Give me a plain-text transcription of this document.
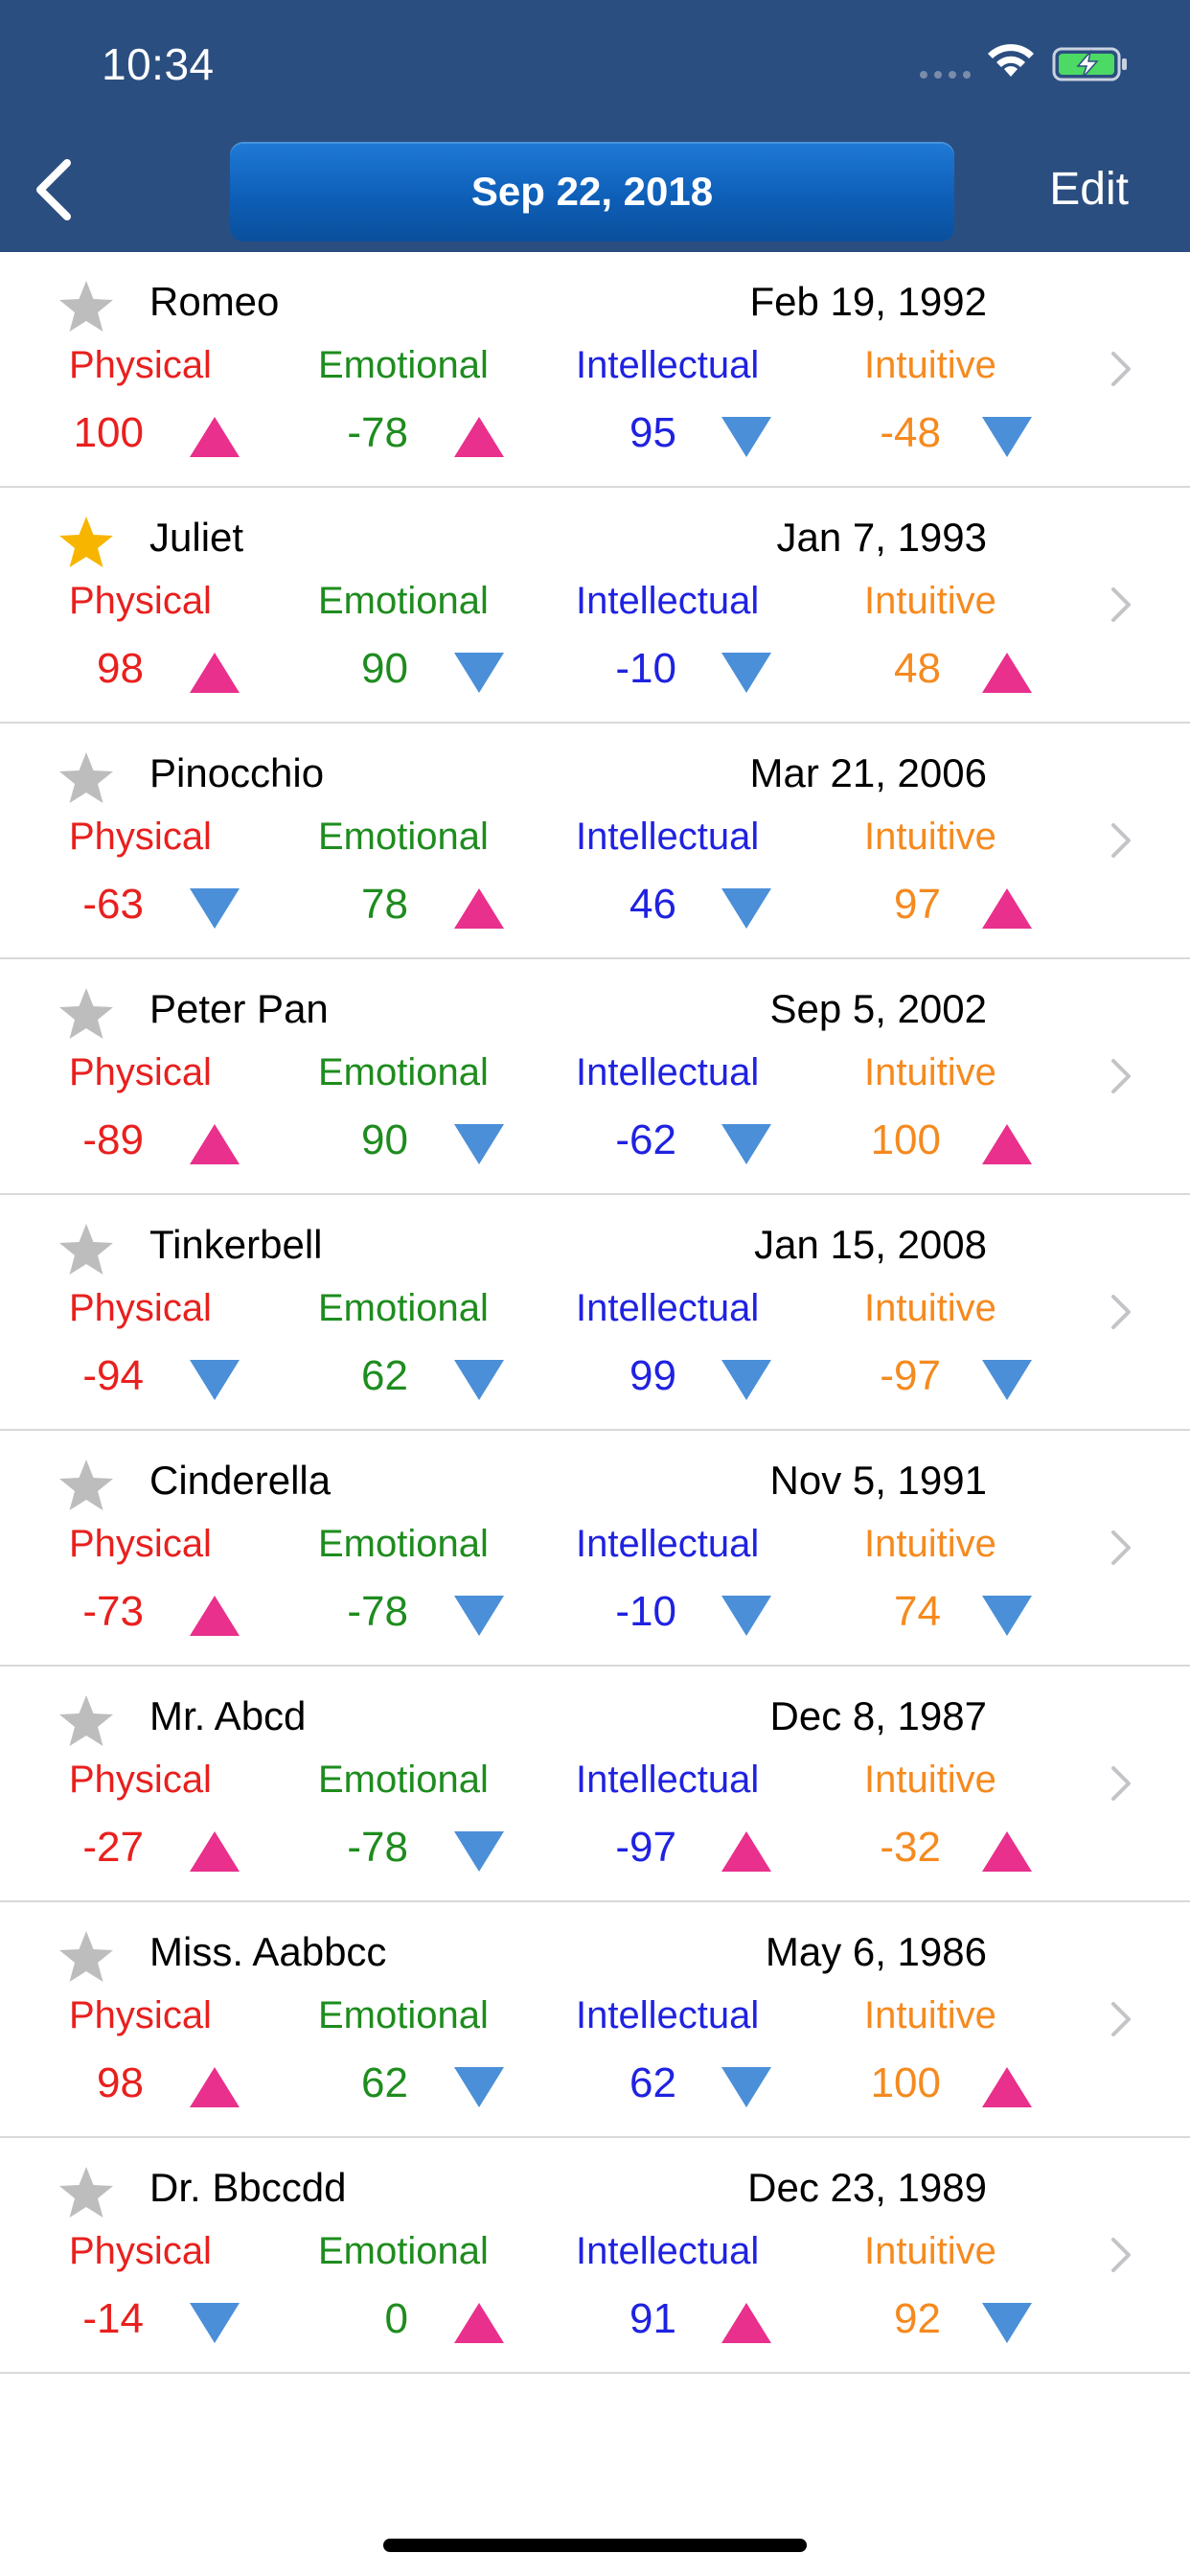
10:34
Sep 22, 2018	Edit
Romeo	Feb 19, 1992
Physical
100
Emotional
-78
Intellectual
95
Intuitive
-48
Juliet	Jan 7, 1993
Physical
98
Emotional
90
Intellectual
-10
Intuitive
48
Pinocchio	Mar 21, 2006
Physical
-63
Emotional
78
Intellectual
46
Intuitive
97
Peter Pan	Sep 5, 2002
Physical
-89
Emotional
90
Intellectual
-62
Intuitive
100
Tinkerbell	Jan 15, 2008
Physical
-94
Emotional
62
Intellectual
99
Intuitive
-97
Cinderella	Nov 5, 1991
Physical
-73
Emotional
-78
Intellectual
-10
Intuitive
74
Mr. Abcd	Dec 8, 1987
Physical
-27
Emotional
-78
Intellectual
-97
Intuitive
-32
Miss. Aabbcc	May 6, 1986
Physical
98
Emotional
62
Intellectual
62
Intuitive
100
Dr. Bbccdd	Dec 23, 1989
Physical
-14
Emotional
0
Intellectual
91
Intuitive
92
